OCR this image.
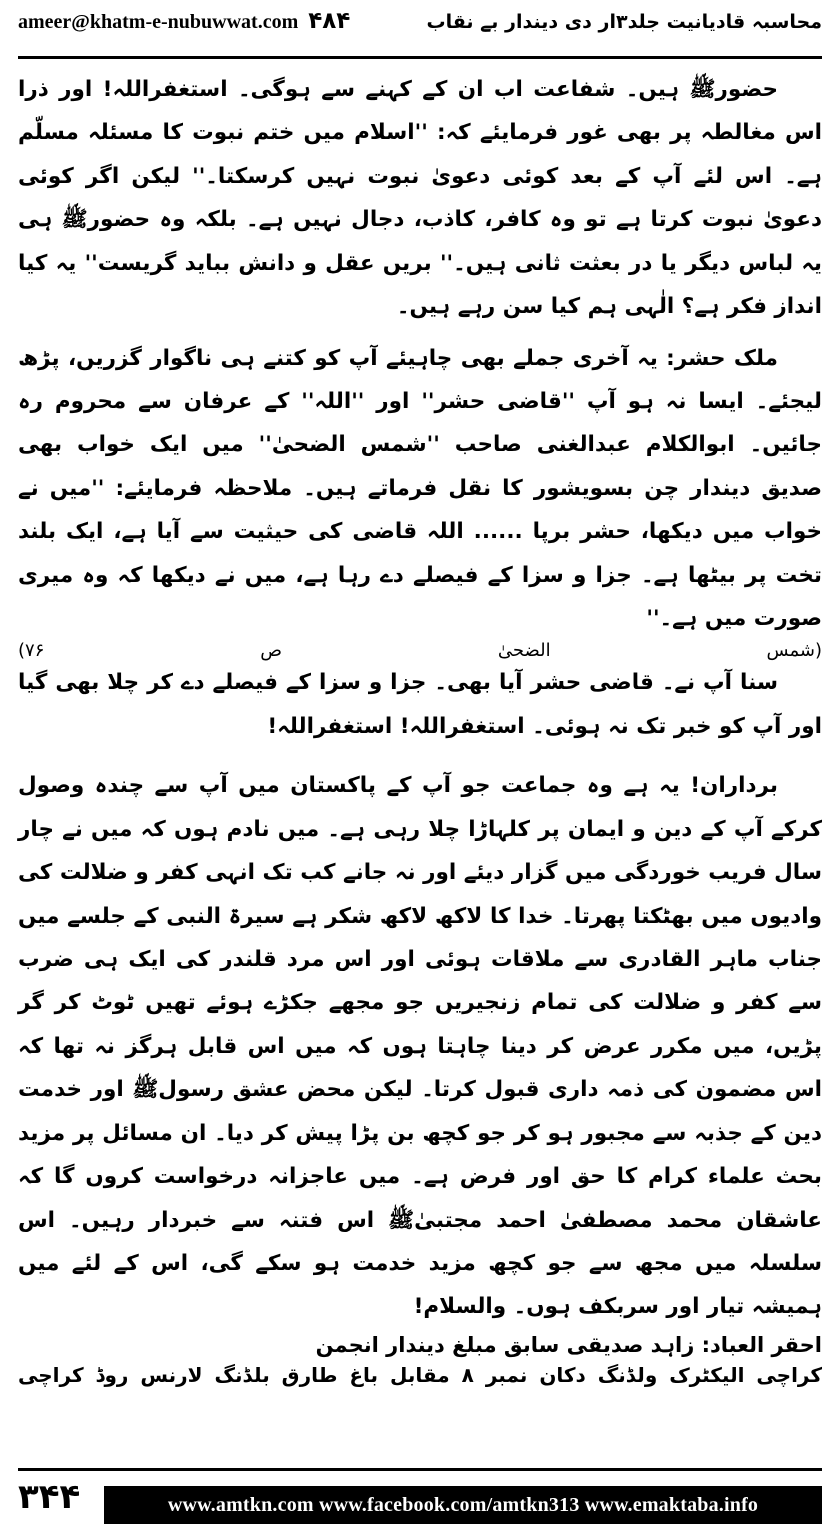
محاسبہ قادیانیت جلد۳ار دی دیندار بے نقاب
۴۸۴
ameer@khatm-e-nubuwwat.com

حضورﷺ ہیں۔ شفاعت اب ان کے کہنے سے ہوگی۔ استغفراللہ! اور ذرا اس مغالطہ پر بھی غور فرمایئے کہ: ''اسلام میں ختم نبوت کا مسئلہ مسلّم ہے۔ اس لئے آپ کے بعد کوئی دعویٰ نبوت نہیں کرسکتا۔'' لیکن اگر کوئی دعویٰ نبوت کرتا ہے تو وہ کافر، کاذب، دجال نہیں ہے۔ بلکہ وہ حضورﷺ ہی یہ لباس دیگر یا در بعثت ثانی ہیں۔'' بریں عقل و دانش بباید گریست'' یہ کیا انداز فکر ہے؟ الٰہی ہم کیا سن رہے ہیں۔

ملک حشر: یہ آخری جملے بھی چاہیئے آپ کو کتنے ہی ناگوار گزریں، پڑھ لیجئے۔ ایسا نہ ہو آپ ''قاضی حشر'' اور ''اللہ'' کے عرفان سے محروم رہ جائیں۔ ابوالکلام عبدالغنی صاحب ''شمس الضحیٰ'' میں ایک خواب بھی صدیق دیندار چن بسویشور کا نقل فرماتے ہیں۔ ملاحظہ فرمایئے: ''میں نے خواب میں دیکھا، حشر برپا ...... اللہ قاضی کی حیثیت سے آیا ہے، ایک بلند تخت پر بیٹھا ہے۔ جزا و سزا کے فیصلے دے رہا ہے، میں نے دیکھا کہ وہ میری صورت میں ہے۔''

(شمس الضحیٰ ص ۷۶)

سنا آپ نے۔ قاضی حشر آیا بھی۔ جزا و سزا کے فیصلے دے کر چلا بھی گیا اور آپ کو خبر تک نہ ہوئی۔ استغفراللہ! استغفراللہ!

برداران! یہ ہے وہ جماعت جو آپ کے پاکستان میں آپ سے چندہ وصول کرکے آپ کے دین و ایمان پر کلہاڑا چلا رہی ہے۔ میں نادم ہوں کہ میں نے چار سال فریب خوردگی میں گزار دیئے اور نہ جانے کب تک انہی کفر و ضلالت کی وادیوں میں بھٹکتا پھرتا۔ خدا کا لاکھ لاکھ شکر ہے سیرۃ النبی کے جلسے میں جناب ماہر القادری سے ملاقات ہوئی اور اس مرد قلندر کی ایک ہی ضرب سے کفر و ضلالت کی تمام زنجیریں جو مجھے جکڑے ہوئے تھیں ٹوٹ کر گر پڑیں، میں مکرر عرض کر دینا چاہتا ہوں کہ میں اس قابل ہرگز نہ تھا کہ اس مضمون کی ذمہ داری قبول کرتا۔ لیکن محض عشق رسولﷺ اور خدمت دین کے جذبہ سے مجبور ہو کر جو کچھ بن پڑا پیش کر دیا۔ ان مسائل پر مزید بحث علماء کرام کا حق اور فرض ہے۔ میں عاجزانہ درخواست کروں گا کہ عاشقان محمد مصطفیٰ احمد مجتبیٰﷺ اس فتنہ سے خبردار رہیں۔ اس سلسلہ میں مجھ سے جو کچھ مزید خدمت ہو سکے گی، اس کے لئے میں ہمیشہ تیار اور سربکف ہوں۔ والسلام!

احقر العباد: زاہد صدیقی سابق مبلغ دیندار انجمن
کراچی الیکٹرک ولڈنگ دکان نمبر ۸ مقابل باغ طارق بلڈنگ لارنس روڈ کراچی
۳۴۴	www.amtkn.com www.facebook.com/amtkn313 www.emaktaba.info
